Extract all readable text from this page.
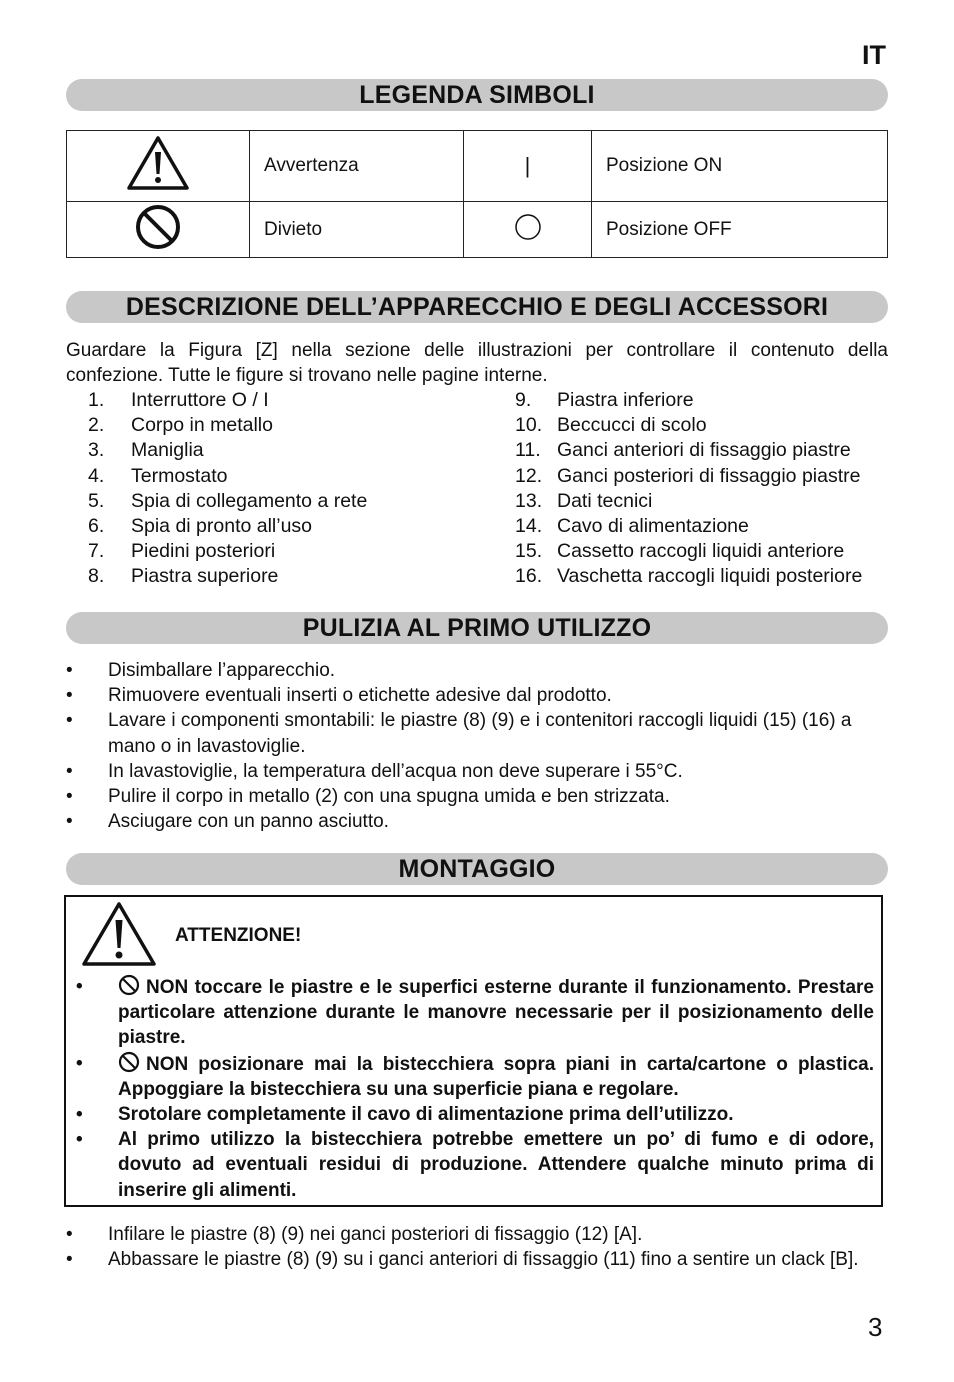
IT
LEGENDA SIMBOLI
	Avvertenza	|	Posizione ON
	Divieto		Posizione OFF
DESCRIZIONE DELL’APPARECCHIO E DEGLI ACCESSORI
Guardare la Figura [Z] nella sezione delle illustrazioni per controllare il contenuto della confezione. Tutte le figure si trovano nelle pagine interne.
1.	Interruttore O / I
2.	Corpo in metallo
3.	Maniglia
4.	Termostato
5.	Spia di collegamento a rete
6.	Spia di pronto all’uso
7.	Piedini posteriori
8.	Piastra superiore
9.	Piastra inferiore
10. Beccucci di scolo
11. Ganci anteriori di fissaggio piastre
12. Ganci posteriori di fissaggio piastre
13. Dati tecnici
14. Cavo di alimentazione
15. Cassetto raccogli liquidi anteriore
16. Vaschetta raccogli liquidi posteriore
PULIZIA AL PRIMO UTILIZZO
•	Disimballare l’apparecchio.
•	Rimuovere eventuali inserti o etichette adesive dal prodotto.
•	Lavare i componenti smontabili: le piastre (8) (9) e i contenitori raccogli liquidi (15) (16) a mano o in lavastoviglie.
•	In lavastoviglie, la temperatura dell’acqua non deve superare i 55°C.
•	Pulire il corpo in metallo (2) con una spugna umida e ben strizzata.
•	Asciugare con un panno asciutto.
MONTAGGIO
ATTENZIONE!
•	NON toccare le piastre e le superfici esterne durante il funzionamento. Prestare particolare attenzione durante le manovre necessarie per il posizionamento delle piastre.
•	NON posizionare mai la bistecchiera sopra piani in carta/cartone o plastica. Appoggiare la bistecchiera su una superficie piana e regolare.
•	Srotolare completamente il cavo di alimentazione prima dell’utilizzo.
•	Al primo utilizzo la bistecchiera potrebbe emettere un po’ di fumo e di odore, dovuto ad eventuali residui di produzione. Attendere qualche minuto prima di inserire gli alimenti.
•	Infilare le piastre (8) (9) nei ganci posteriori di fissaggio (12) [A].
•	Abbassare le piastre (8) (9) su i ganci anteriori di fissaggio (11) fino a sentire un clack [B].
3
